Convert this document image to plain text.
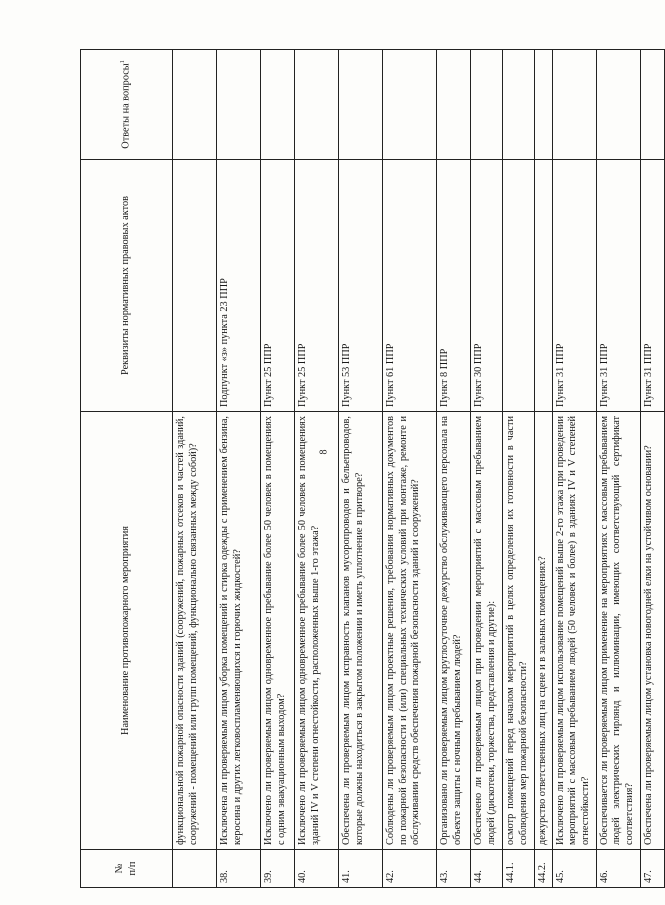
8
№
п/п	Наименование противопожарного мероприятия	Реквизиты нормативных правовых актов	Ответы на вопросы$^1$
	функциональной пожарной опасности зданий (сооружений, пожарных отсеков и частей зданий, сооружений - помещений или групп помещений, функционально связанных между собой)?		
38.	Исключена ли проверяемым лицом уборка помещений и стирка одежды с применением бензина, керосина и других легковоспламеняющихся и горючих жидкостей?	Подпункт «з» пункта 23 ППР	
39.	Исключено ли проверяемым лицом одновременное пребывание более 50 человек в помещениях с одним эвакуационным выходом?	Пункт 25 ППР	
40.	Исключено ли проверяемым лицом одновременное пребывание более 50 человек в помещениях зданий IV и V степени огнестойкости, расположенных выше 1-го этажа?	Пункт 25 ППР	
41.	Обеспечена ли проверяемым лицом исправность клапанов мусоропроводов и бельепроводов, которые должны находиться в закрытом положении и иметь уплотнение в притворе?	Пункт 53 ППР	
42.	Соблюдены ли проверяемым лицом проектные решения, требования нормативных документов по пожарной безопасности и (или) специальных технических условий при монтаже, ремонте и обслуживании средств обеспечения пожарной безопасности зданий и сооружений?	Пункт 61 ППР	
43.	Организовано ли проверяемым лицом круглосуточное дежурство обслуживающего персонала на объекте защиты с ночным пребыванием людей?	Пункт 8 ППР	
44.	Обеспечено ли проверяемым лицом при проведении мероприятий с массовым пребыванием людей (дискотеки, торжества, представления и другие):	Пункт 30 ППР	
44.1.	осмотр помещений перед началом мероприятий в целях определения их готовности в части соблюдения мер пожарной безопасности?		
44.2.	дежурство ответственных лиц на сцене и в зальных помещениях?		
45.	Исключено ли проверяемым лицом использование помещений выше 2-го этажа при проведении мероприятий с массовым пребыванием людей (50 человек и более) в зданиях IV и V степеней огнестойкости?	Пункт 31 ППР	
46.	Обеспечивается ли проверяемым лицом применение на мероприятиях с массовым пребыванием людей электрических гирлянд и иллюминации, имеющих соответствующий сертификат соответствия?	Пункт 31 ППР	
47.	Обеспечена ли проверяемым лицом установка новогодней елки на устойчивом основании?	Пункт 31 ППР	
